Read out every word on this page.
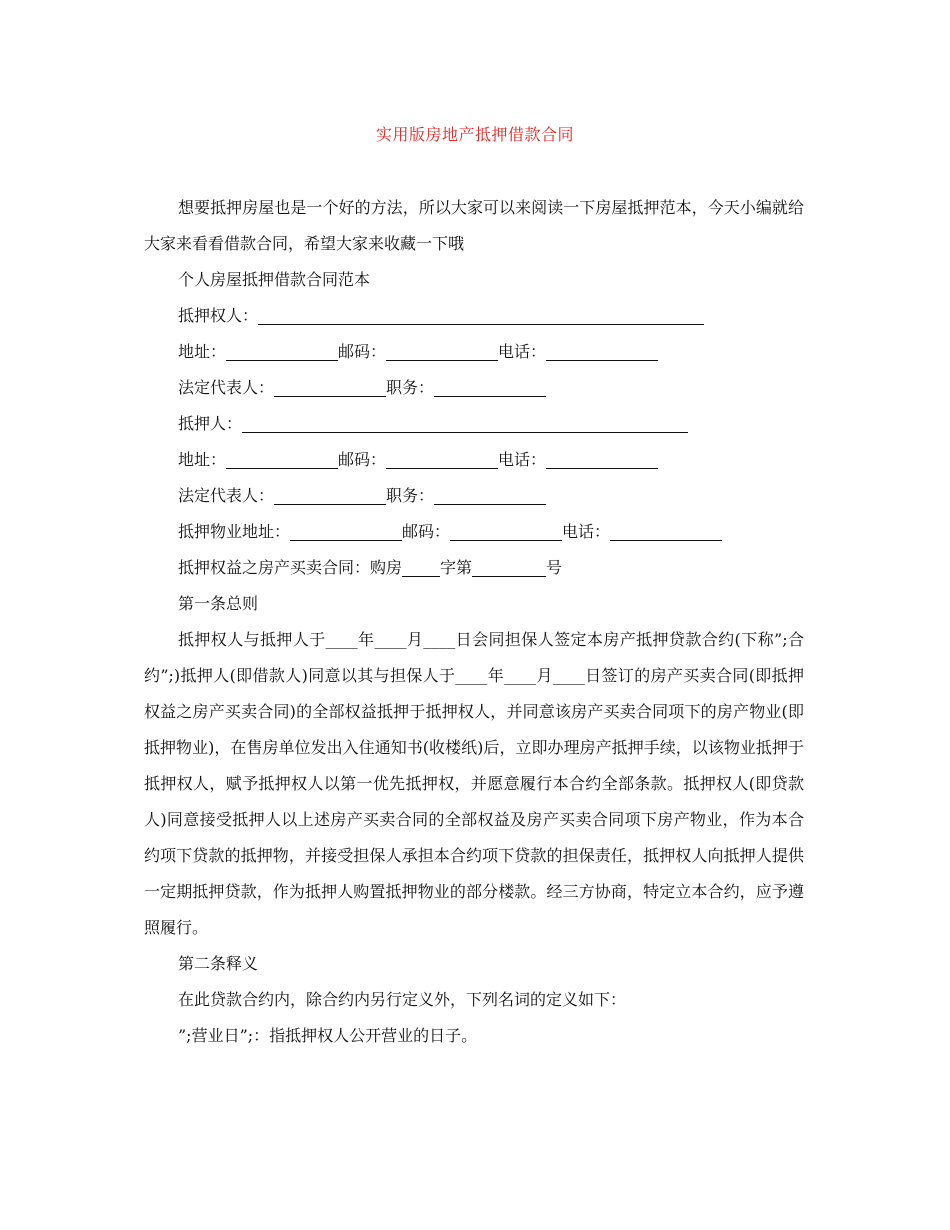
实用版房地产抵押借款合同

想要抵押房屋也是一个好的方法，所以大家可以来阅读一下房屋抵押范本，今天小编就给大家来看看借款合同，希望大家来收藏一下哦

个人房屋抵押借款合同范本

抵押权人：

地址：	邮码：	电话：

法定代表人：	职务：

抵押人：

地址：	邮码：	电话：

法定代表人：	职务：

抵押物业地址：	邮码：	电话：

抵押权益之房产买卖合同：购房 字第	号

第一条总则

抵押权人与抵押人于____年____月____日会同担保人签定本房产抵押贷款合约(下称”;合约”;)抵押人(即借款人)同意以其与担保人于____年____月____日签订的房产买卖合同(即抵押权益之房产买卖合同)的全部权益抵押于抵押权人，并同意该房产买卖合同项下的房产物业(即抵押物业)，在售房单位发出入住通知书(收楼纸)后，立即办理房产抵押手续，以该物业抵押于抵押权人，赋予抵押权人以第一优先抵押权，并愿意履行本合约全部条款。抵押权人(即贷款人)同意接受抵押人以上述房产买卖合同的全部权益及房产买卖合同项下房产物业，作为本合约项下贷款的抵押物，并接受担保人承担本合约项下贷款的担保责任，抵押权人向抵押人提供一定期抵押贷款，作为抵押人购置抵押物业的部分楼款。经三方协商，特定立本合约，应予遵照履行。

第二条释义

在此贷款合约内，除合约内另行定义外，下列名词的定义如下：

”;营业日”;：指抵押权人公开营业的日子。
